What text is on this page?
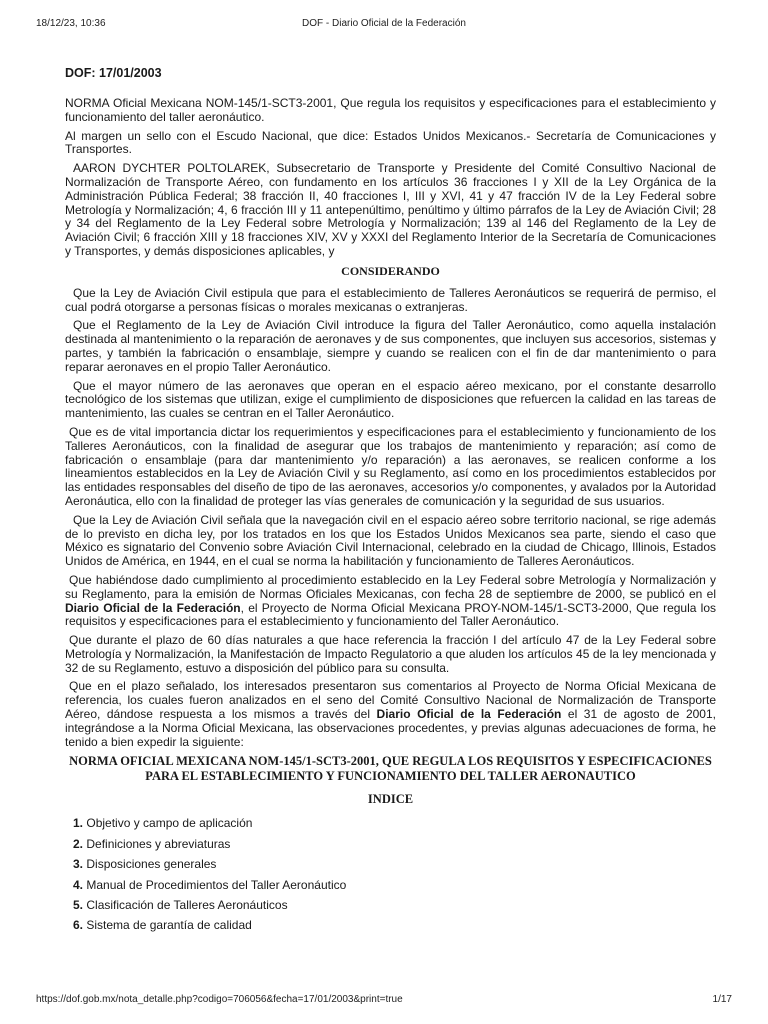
18/12/23, 10:36	DOF - Diario Oficial de la Federación
DOF: 17/01/2003

NORMA Oficial Mexicana NOM-145/1-SCT3-2001, Que regula los requisitos y especificaciones para el establecimiento y funcionamiento del taller aeronáutico.

Al margen un sello con el Escudo Nacional, que dice: Estados Unidos Mexicanos.- Secretaría de Comunicaciones y Transportes.

AARON DYCHTER POLTOLAREK, Subsecretario de Transporte y Presidente del Comité Consultivo Nacional de Normalización de Transporte Aéreo, con fundamento en los artículos 36 fracciones I y XII de la Ley Orgánica de la Administración Pública Federal; 38 fracción II, 40 fracciones I, III y XVI, 41 y 47 fracción IV de la Ley Federal sobre Metrología y Normalización; 4, 6 fracción III y 11 antepenúltimo, penúltimo y último párrafos de la Ley de Aviación Civil; 28 y 34 del Reglamento de la Ley Federal sobre Metrología y Normalización; 139 al 146 del Reglamento de la Ley de Aviación Civil; 6 fracción XIII y 18 fracciones XIV, XV y XXXI del Reglamento Interior de la Secretaría de Comunicaciones y Transportes, y demás disposiciones aplicables, y

CONSIDERANDO

Que la Ley de Aviación Civil estipula que para el establecimiento de Talleres Aeronáuticos se requerirá de permiso, el cual podrá otorgarse a personas físicas o morales mexicanas o extranjeras.

Que el Reglamento de la Ley de Aviación Civil introduce la figura del Taller Aeronáutico, como aquella instalación destinada al mantenimiento o la reparación de aeronaves y de sus componentes, que incluyen sus accesorios, sistemas y partes, y también la fabricación o ensamblaje, siempre y cuando se realicen con el fin de dar mantenimiento o para reparar aeronaves en el propio Taller Aeronáutico.

Que el mayor número de las aeronaves que operan en el espacio aéreo mexicano, por el constante desarrollo tecnológico de los sistemas que utilizan, exige el cumplimiento de disposiciones que refuercen la calidad en las tareas de mantenimiento, las cuales se centran en el Taller Aeronáutico.

Que es de vital importancia dictar los requerimientos y especificaciones para el establecimiento y funcionamiento de los Talleres Aeronáuticos, con la finalidad de asegurar que los trabajos de mantenimiento y reparación; así como de fabricación o ensamblaje (para dar mantenimiento y/o reparación) a las aeronaves, se realicen conforme a los lineamientos establecidos en la Ley de Aviación Civil y su Reglamento, así como en los procedimientos establecidos por las entidades responsables del diseño de tipo de las aeronaves, accesorios y/o componentes, y avalados por la Autoridad Aeronáutica, ello con la finalidad de proteger las vías generales de comunicación y la seguridad de sus usuarios.

Que la Ley de Aviación Civil señala que la navegación civil en el espacio aéreo sobre territorio nacional, se rige además de lo previsto en dicha ley, por los tratados en los que los Estados Unidos Mexicanos sea parte, siendo el caso que México es signatario del Convenio sobre Aviación Civil Internacional, celebrado en la ciudad de Chicago, Illinois, Estados Unidos de América, en 1944, en el cual se norma la habilitación y funcionamiento de Talleres Aeronáuticos.

Que habiéndose dado cumplimiento al procedimiento establecido en la Ley Federal sobre Metrología y Normalización y su Reglamento, para la emisión de Normas Oficiales Mexicanas, con fecha 28 de septiembre de 2000, se publicó en el Diario Oficial de la Federación, el Proyecto de Norma Oficial Mexicana PROY-NOM-145/1-SCT3-2000, Que regula los requisitos y especificaciones para el establecimiento y funcionamiento del Taller Aeronáutico.

Que durante el plazo de 60 días naturales a que hace referencia la fracción I del artículo 47 de la Ley Federal sobre Metrología y Normalización, la Manifestación de Impacto Regulatorio a que aluden los artículos 45 de la ley mencionada y 32 de su Reglamento, estuvo a disposición del público para su consulta.

Que en el plazo señalado, los interesados presentaron sus comentarios al Proyecto de Norma Oficial Mexicana de referencia, los cuales fueron analizados en el seno del Comité Consultivo Nacional de Normalización de Transporte Aéreo, dándose respuesta a los mismos a través del Diario Oficial de la Federación el 31 de agosto de 2001, integrándose a la Norma Oficial Mexicana, las observaciones procedentes, y previas algunas adecuaciones de forma, he tenido a bien expedir la siguiente:

NORMA OFICIAL MEXICANA NOM-145/1-SCT3-2001, QUE REGULA LOS REQUISITOS Y ESPECIFICACIONES
PARA EL ESTABLECIMIENTO Y FUNCIONAMIENTO DEL TALLER AERONAUTICO
INDICE
1. Objetivo y campo de aplicación
2. Definiciones y abreviaturas
3. Disposiciones generales
4. Manual de Procedimientos del Taller Aeronáutico
5. Clasificación de Talleres Aeronáuticos
6. Sistema de garantía de calidad
https://dof.gob.mx/nota_detalle.php?codigo=706056&fecha=17/01/2003&print=true	1/17
